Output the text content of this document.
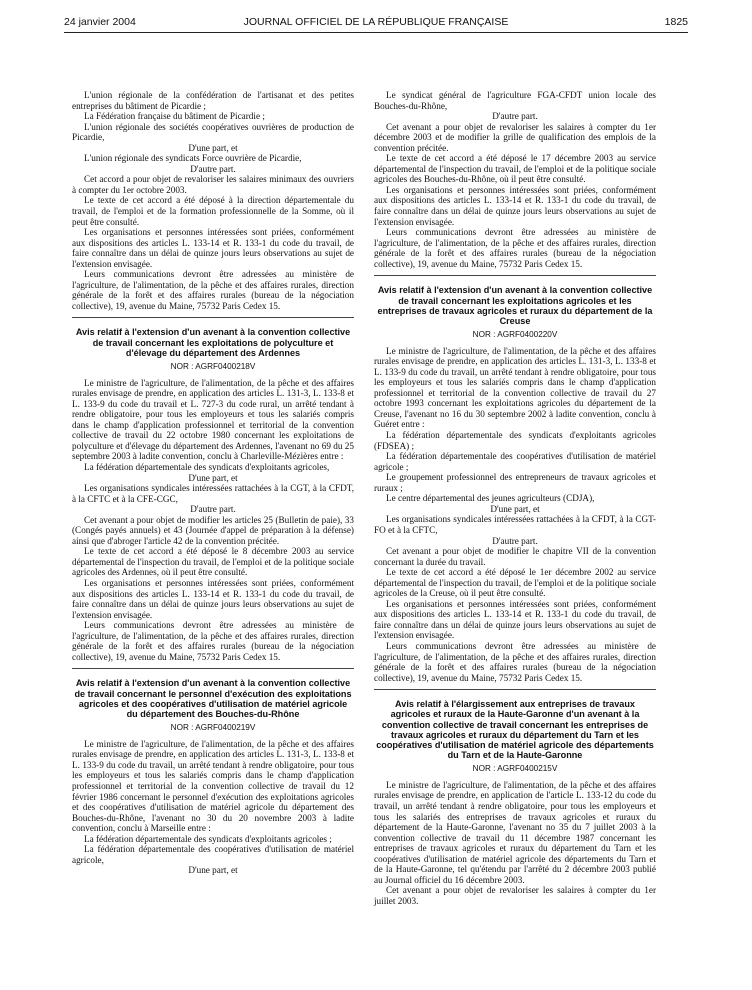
24 janvier 2004	JOURNAL OFFICIEL DE LA RÉPUBLIQUE FRANÇAISE	1825

L'union régionale de la confédération de l'artisanat et des petites entreprises du bâtiment de Picardie ;

La Fédération française du bâtiment de Picardie ;

L'union régionale des sociétés coopératives ouvrières de production de Picardie,

D'une part, et

L'union régionale des syndicats Force ouvrière de Picardie,

D'autre part.

Cet accord a pour objet de revaloriser les salaires minimaux des ouvriers à compter du 1er octobre 2003.

Le texte de cet accord a été déposé à la direction départementale du travail, de l'emploi et de la formation professionnelle de la Somme, où il peut être consulté.

Les organisations et personnes intéressées sont priées, conformément aux dispositions des articles L. 133-14 et R. 133-1 du code du travail, de faire connaître dans un délai de quinze jours leurs observations au sujet de l'extension envisagée.

Leurs communications devront être adressées au ministère de l'agriculture, de l'alimentation, de la pêche et des affaires rurales, direction générale de la forêt et des affaires rurales (bureau de la négociation collective), 19, avenue du Maine, 75732 Paris Cedex 15.

Avis relatif à l'extension d'un avenant à la convention collective de travail concernant les exploitations de polyculture et d'élevage du département des Ardennes

NOR : AGRF0400218V

Le ministre de l'agriculture, de l'alimentation, de la pêche et des affaires rurales envisage de prendre, en application des articles L. 131-3, L. 133-8 et L. 133-9 du code du travail et L. 727-3 du code rural, un arrêté tendant à rendre obligatoire, pour tous les employeurs et tous les salariés compris dans le champ d'application professionnel et territorial de la convention collective de travail du 22 octobre 1980 concernant les exploitations de polyculture et d'élevage du département des Ardennes, l'avenant no 69 du 25 septembre 2003 à ladite convention, conclu à Charleville-Mézières entre :

La fédération départementale des syndicats d'exploitants agricoles,

D'une part, et

Les organisations syndicales intéressées rattachées à la CGT, à la CFDT, à la CFTC et à la CFE-CGC,

D'autre part.

Cet avenant a pour objet de modifier les articles 25 (Bulletin de paie), 33 (Congés payés annuels) et 43 (Journée d'appel de préparation à la défense) ainsi que d'abroger l'article 42 de la convention précitée.

Le texte de cet accord a été déposé le 8 décembre 2003 au service départemental de l'inspection du travail, de l'emploi et de la politique sociale agricoles des Ardennes, où il peut être consulté.

Les organisations et personnes intéressées sont priées, conformément aux dispositions des articles L. 133-14 et R. 133-1 du code du travail, de faire connaître dans un délai de quinze jours leurs observations au sujet de l'extension envisagée.

Leurs communications devront être adressées au ministère de l'agriculture, de l'alimentation, de la pêche et des affaires rurales, direction générale de la forêt et des affaires rurales (bureau de la négociation collective), 19, avenue du Maine, 75732 Paris Cedex 15.

Avis relatif à l'extension d'un avenant à la convention collective de travail concernant le personnel d'exécution des exploitations agricoles et des coopératives d'utilisation de matériel agricole du département des Bouches-du-Rhône

NOR : AGRF0400219V

Le ministre de l'agriculture, de l'alimentation, de la pêche et des affaires rurales envisage de prendre, en application des articles L. 131-3, L. 133-8 et L. 133-9 du code du travail, un arrêté tendant à rendre obligatoire, pour tous les employeurs et tous les salariés compris dans le champ d'application professionnel et territorial de la convention collective de travail du 12 février 1986 concernant le personnel d'exécution des exploitations agricoles et des coopératives d'utilisation de matériel agricole du département des Bouches-du-Rhône, l'avenant no 30 du 20 novembre 2003 à ladite convention, conclu à Marseille entre :

La fédération départementale des syndicats d'exploitants agricoles ;

La fédération départementale des coopératives d'utilisation de matériel agricole,

D'une part, et

Le syndicat général de l'agriculture FGA-CFDT union locale des Bouches-du-Rhône,

D'autre part.

Cet avenant a pour objet de revaloriser les salaires à compter du 1er décembre 2003 et de modifier la grille de qualification des emplois de la convention précitée.

Le texte de cet accord a été déposé le 17 décembre 2003 au service départemental de l'inspection du travail, de l'emploi et de la politique sociale agricoles des Bouches-du-Rhône, où il peut être consulté.

Les organisations et personnes intéressées sont priées, conformément aux dispositions des articles L. 133-14 et R. 133-1 du code du travail, de faire connaître dans un délai de quinze jours leurs observations au sujet de l'extension envisagée.

Leurs communications devront être adressées au ministère de l'agriculture, de l'alimentation, de la pêche et des affaires rurales, direction générale de la forêt et des affaires rurales (bureau de la négociation collective), 19, avenue du Maine, 75732 Paris Cedex 15.

Avis relatif à l'extension d'un avenant à la convention collective de travail concernant les exploitations agricoles et les entreprises de travaux agricoles et ruraux du département de la Creuse

NOR : AGRF0400220V

Le ministre de l'agriculture, de l'alimentation, de la pêche et des affaires rurales envisage de prendre, en application des articles L. 131-3, L. 133-8 et L. 133-9 du code du travail, un arrêté tendant à rendre obligatoire, pour tous les employeurs et tous les salariés compris dans le champ d'application professionnel et territorial de la convention collective de travail du 27 octobre 1993 concernant les exploitations agricoles du département de la Creuse, l'avenant no 16 du 30 septembre 2002 à ladite convention, conclu à Guéret entre :

La fédération départementale des syndicats d'exploitants agricoles (FDSEA) ;

La fédération départementale des coopératives d'utilisation de matériel agricole ;

Le groupement professionnel des entrepreneurs de travaux agricoles et ruraux ;

Le centre départemental des jeunes agriculteurs (CDJA),

D'une part, et

Les organisations syndicales intéressées rattachées à la CFDT, à la CGT-FO et à la CFTC,

D'autre part.

Cet avenant a pour objet de modifier le chapitre VII de la convention concernant la durée du travail.

Le texte de cet accord a été déposé le 1er décembre 2002 au service départemental de l'inspection du travail, de l'emploi et de la politique sociale agricoles de la Creuse, où il peut être consulté.

Les organisations et personnes intéressées sont priées, conformément aux dispositions des articles L. 133-14 et R. 133-1 du code du travail, de faire connaître dans un délai de quinze jours leurs observations au sujet de l'extension envisagée.

Leurs communications devront être adressées au ministère de l'agriculture, de l'alimentation, de la pêche et des affaires rurales, direction générale de la forêt et des affaires rurales (bureau de la négociation collective), 19, avenue du Maine, 75732 Paris Cedex 15.

Avis relatif à l'élargissement aux entreprises de travaux agricoles et ruraux de la Haute-Garonne d'un avenant à la convention collective de travail concernant les entreprises de travaux agricoles et ruraux du département du Tarn et les coopératives d'utilisation de matériel agricole des départements du Tarn et de la Haute-Garonne

NOR : AGRF0400215V

Le ministre de l'agriculture, de l'alimentation, de la pêche et des affaires rurales envisage de prendre, en application de l'article L. 133-12 du code du travail, un arrêté tendant à rendre obligatoire, pour tous les employeurs et tous les salariés des entreprises de travaux agricoles et ruraux du département de la Haute-Garonne, l'avenant no 35 du 7 juillet 2003 à la convention collective de travail du 11 décembre 1987 concernant les entreprises de travaux agricoles et ruraux du département du Tarn et les coopératives d'utilisation de matériel agricole des départements du Tarn et de la Haute-Garonne, tel qu'étendu par l'arrêté du 2 décembre 2003 publié au Journal officiel du 16 décembre 2003.

Cet avenant a pour objet de revaloriser les salaires à compter du 1er juillet 2003.
